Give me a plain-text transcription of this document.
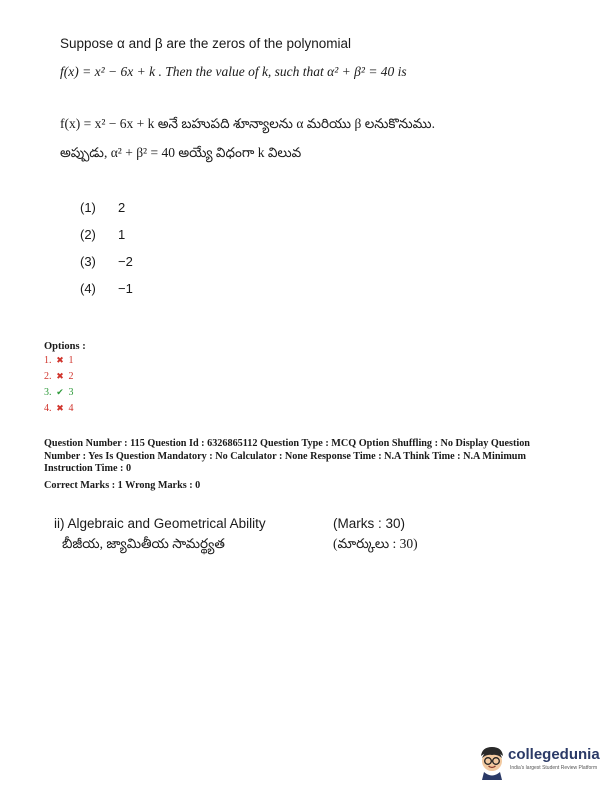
Suppose α and β are the zeros of the polynomial
f(x) = x² − 6x + k . Then the value of k, such that α² + β² = 40 is
f(x) = x² − 6x + k అనే బహుపది శూన్యాలను α మరియు β లనుకొనుము.
అప్పుడు, α² + β² = 40 అయ్యే విధంగా k విలువ
(1) 2
(2) 1
(3) −2
(4) −1
Options :
1. ✖ 1
2. ✖ 2
3. ✔ 3
4. ✖ 4
Question Number : 115 Question Id : 6326865112 Question Type : MCQ Option Shuffling : No Display Question
Number : Yes Is Question Mandatory : No Calculator : None Response Time : N.A Think Time : N.A Minimum
Instruction Time : 0
Correct Marks : 1 Wrong Marks : 0
ii) Algebraic and Geometrical Ability
బీజీయ, జ్యామితీయ సామర్థ్యత
(Marks : 30)
(మార్కులు : 30)
collegedunia
India's largest Student Review Platform
